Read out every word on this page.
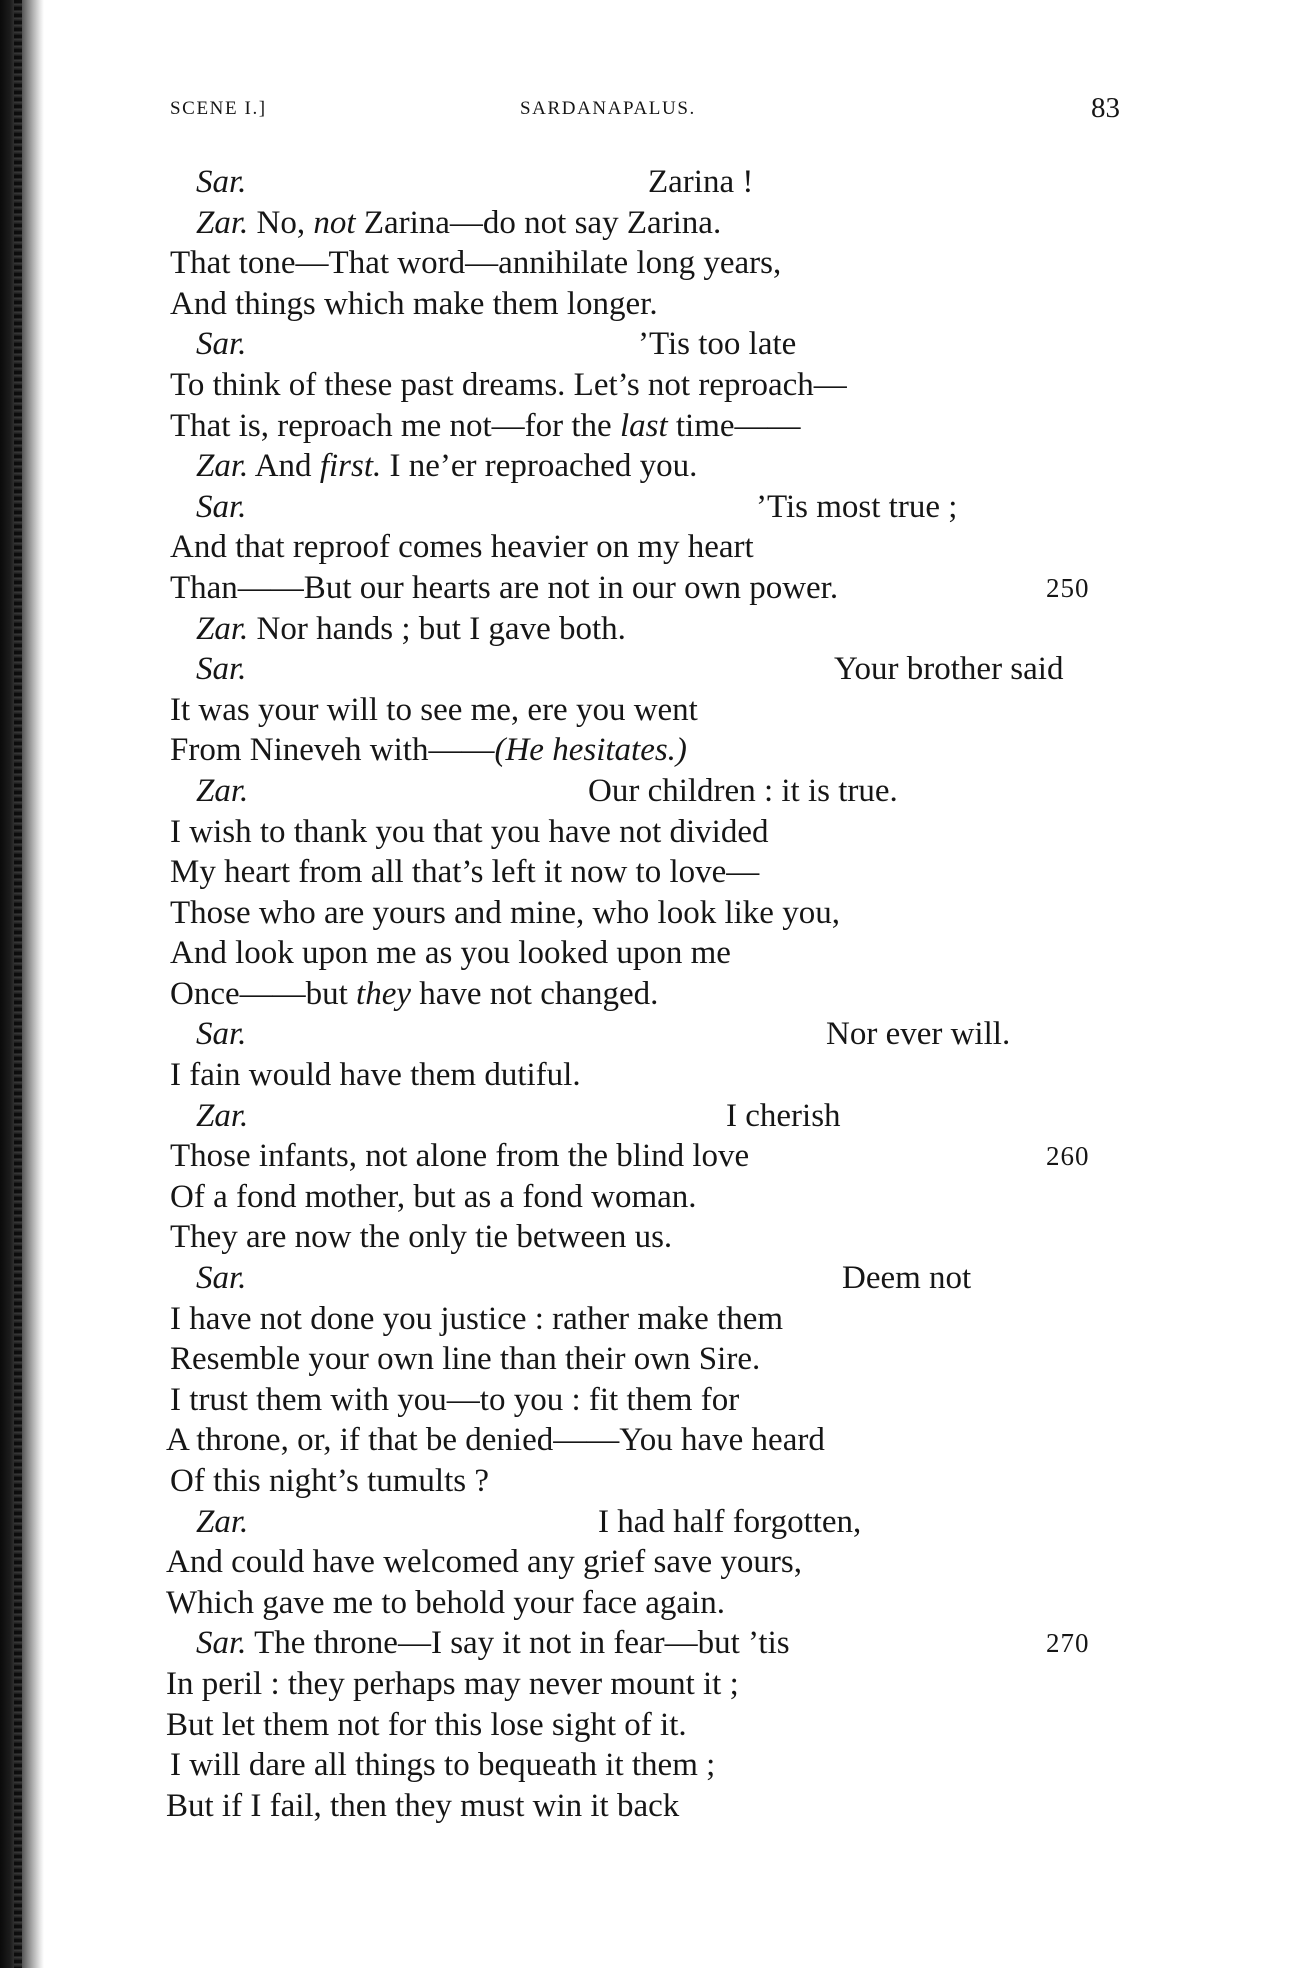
SCENE I.]	SARDANAPALUS.	83
Sar.	Zarina !
Zar. No, not Zarina—do not say Zarina.
That tone—That word—annihilate long years,
And things which make them longer.
Sar.	’Tis too late
To think of these past dreams. Let’s not reproach—
That is, reproach me not—for the last time——
Zar. And first. I ne’er reproached you.
Sar.	’Tis most true ;
And that reproof comes heavier on my heart
Than——But our hearts are not in our own power.	250
Zar. Nor hands ; but I gave both.
Sar.	Your brother said
It was your will to see me, ere you went
From Nineveh with——(He hesitates.)
Zar.	Our children : it is true.
I wish to thank you that you have not divided
My heart from all that’s left it now to love—
Those who are yours and mine, who look like you,
And look upon me as you looked upon me
Once——but they have not changed.
Sar.	Nor ever will.
I fain would have them dutiful.
Zar.	I cherish
Those infants, not alone from the blind love	260
Of a fond mother, but as a fond woman.
They are now the only tie between us.
Sar.	Deem not
I have not done you justice : rather make them
Resemble your own line than their own Sire.
I trust them with you—to you : fit them for
A throne, or, if that be denied——You have heard
Of this night’s tumults ?
Zar.	I had half forgotten,
And could have welcomed any grief save yours,
Which gave me to behold your face again.
Sar. The throne—I say it not in fear—but ’tis	270
In peril : they perhaps may never mount it ;
But let them not for this lose sight of it.
I will dare all things to bequeath it them ;
But if I fail, then they must win it back
